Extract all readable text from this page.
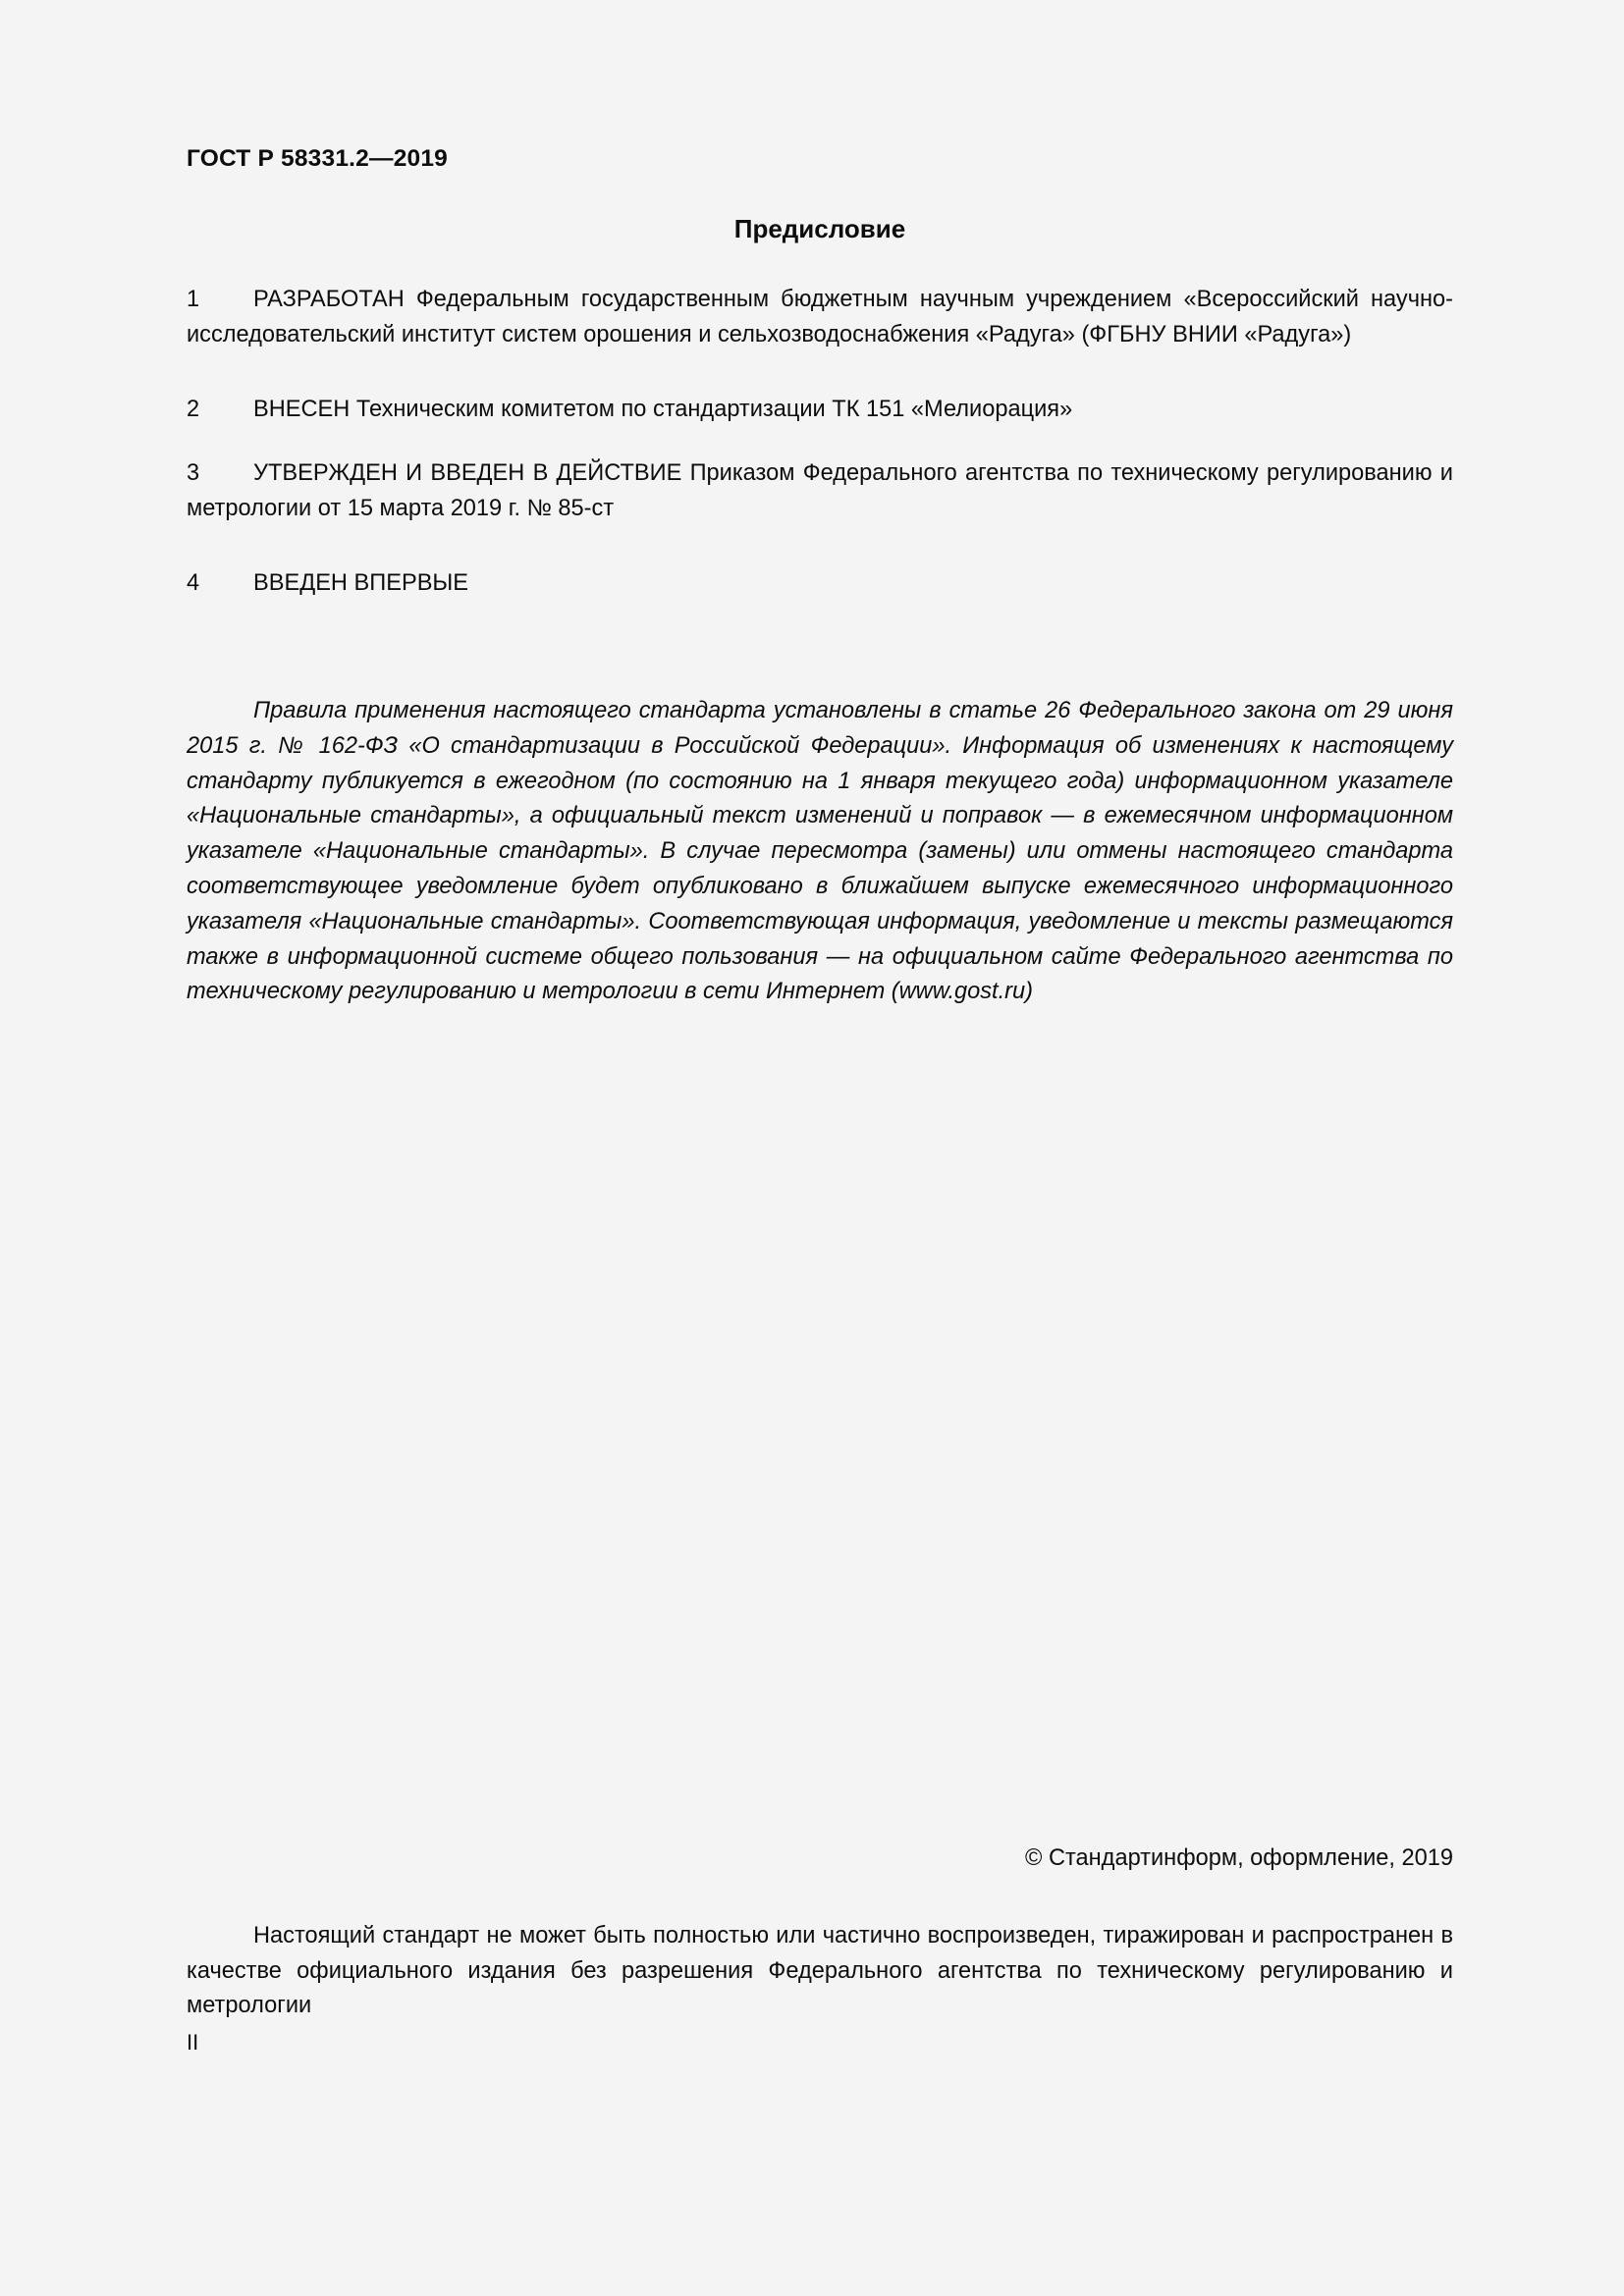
ГОСТ Р 58331.2—2019
Предисловие
1 РАЗРАБОТАН Федеральным государственным бюджетным научным учреждением «Всероссийский научно-исследовательский институт систем орошения и сельхозводоснабжения «Радуга» (ФГБНУ ВНИИ «Радуга»)
2 ВНЕСЕН Техническим комитетом по стандартизации ТК 151 «Мелиорация»
3 УТВЕРЖДЕН И ВВЕДЕН В ДЕЙСТВИЕ Приказом Федерального агентства по техническому регулированию и метрологии от 15 марта 2019 г. № 85-ст
4 ВВЕДЕН ВПЕРВЫЕ
Правила применения настоящего стандарта установлены в статье 26 Федерального закона от 29 июня 2015 г. № 162-ФЗ «О стандартизации в Российской Федерации». Информация об изменениях к настоящему стандарту публикуется в ежегодном (по состоянию на 1 января текущего года) информационном указателе «Национальные стандарты», а официальный текст изменений и поправок — в ежемесячном информационном указателе «Национальные стандарты». В случае пересмотра (замены) или отмены настоящего стандарта соответствующее уведомление будет опубликовано в ближайшем выпуске ежемесячного информационного указателя «Национальные стандарты». Соответствующая информация, уведомление и тексты размещаются также в информационной системе общего пользования — на официальном сайте Федерального агентства по техническому регулированию и метрологии в сети Интернет (www.gost.ru)
© Стандартинформ, оформление, 2019
Настоящий стандарт не может быть полностью или частично воспроизведен, тиражирован и распространен в качестве официального издания без разрешения Федерального агентства по техническому регулированию и метрологии
II
